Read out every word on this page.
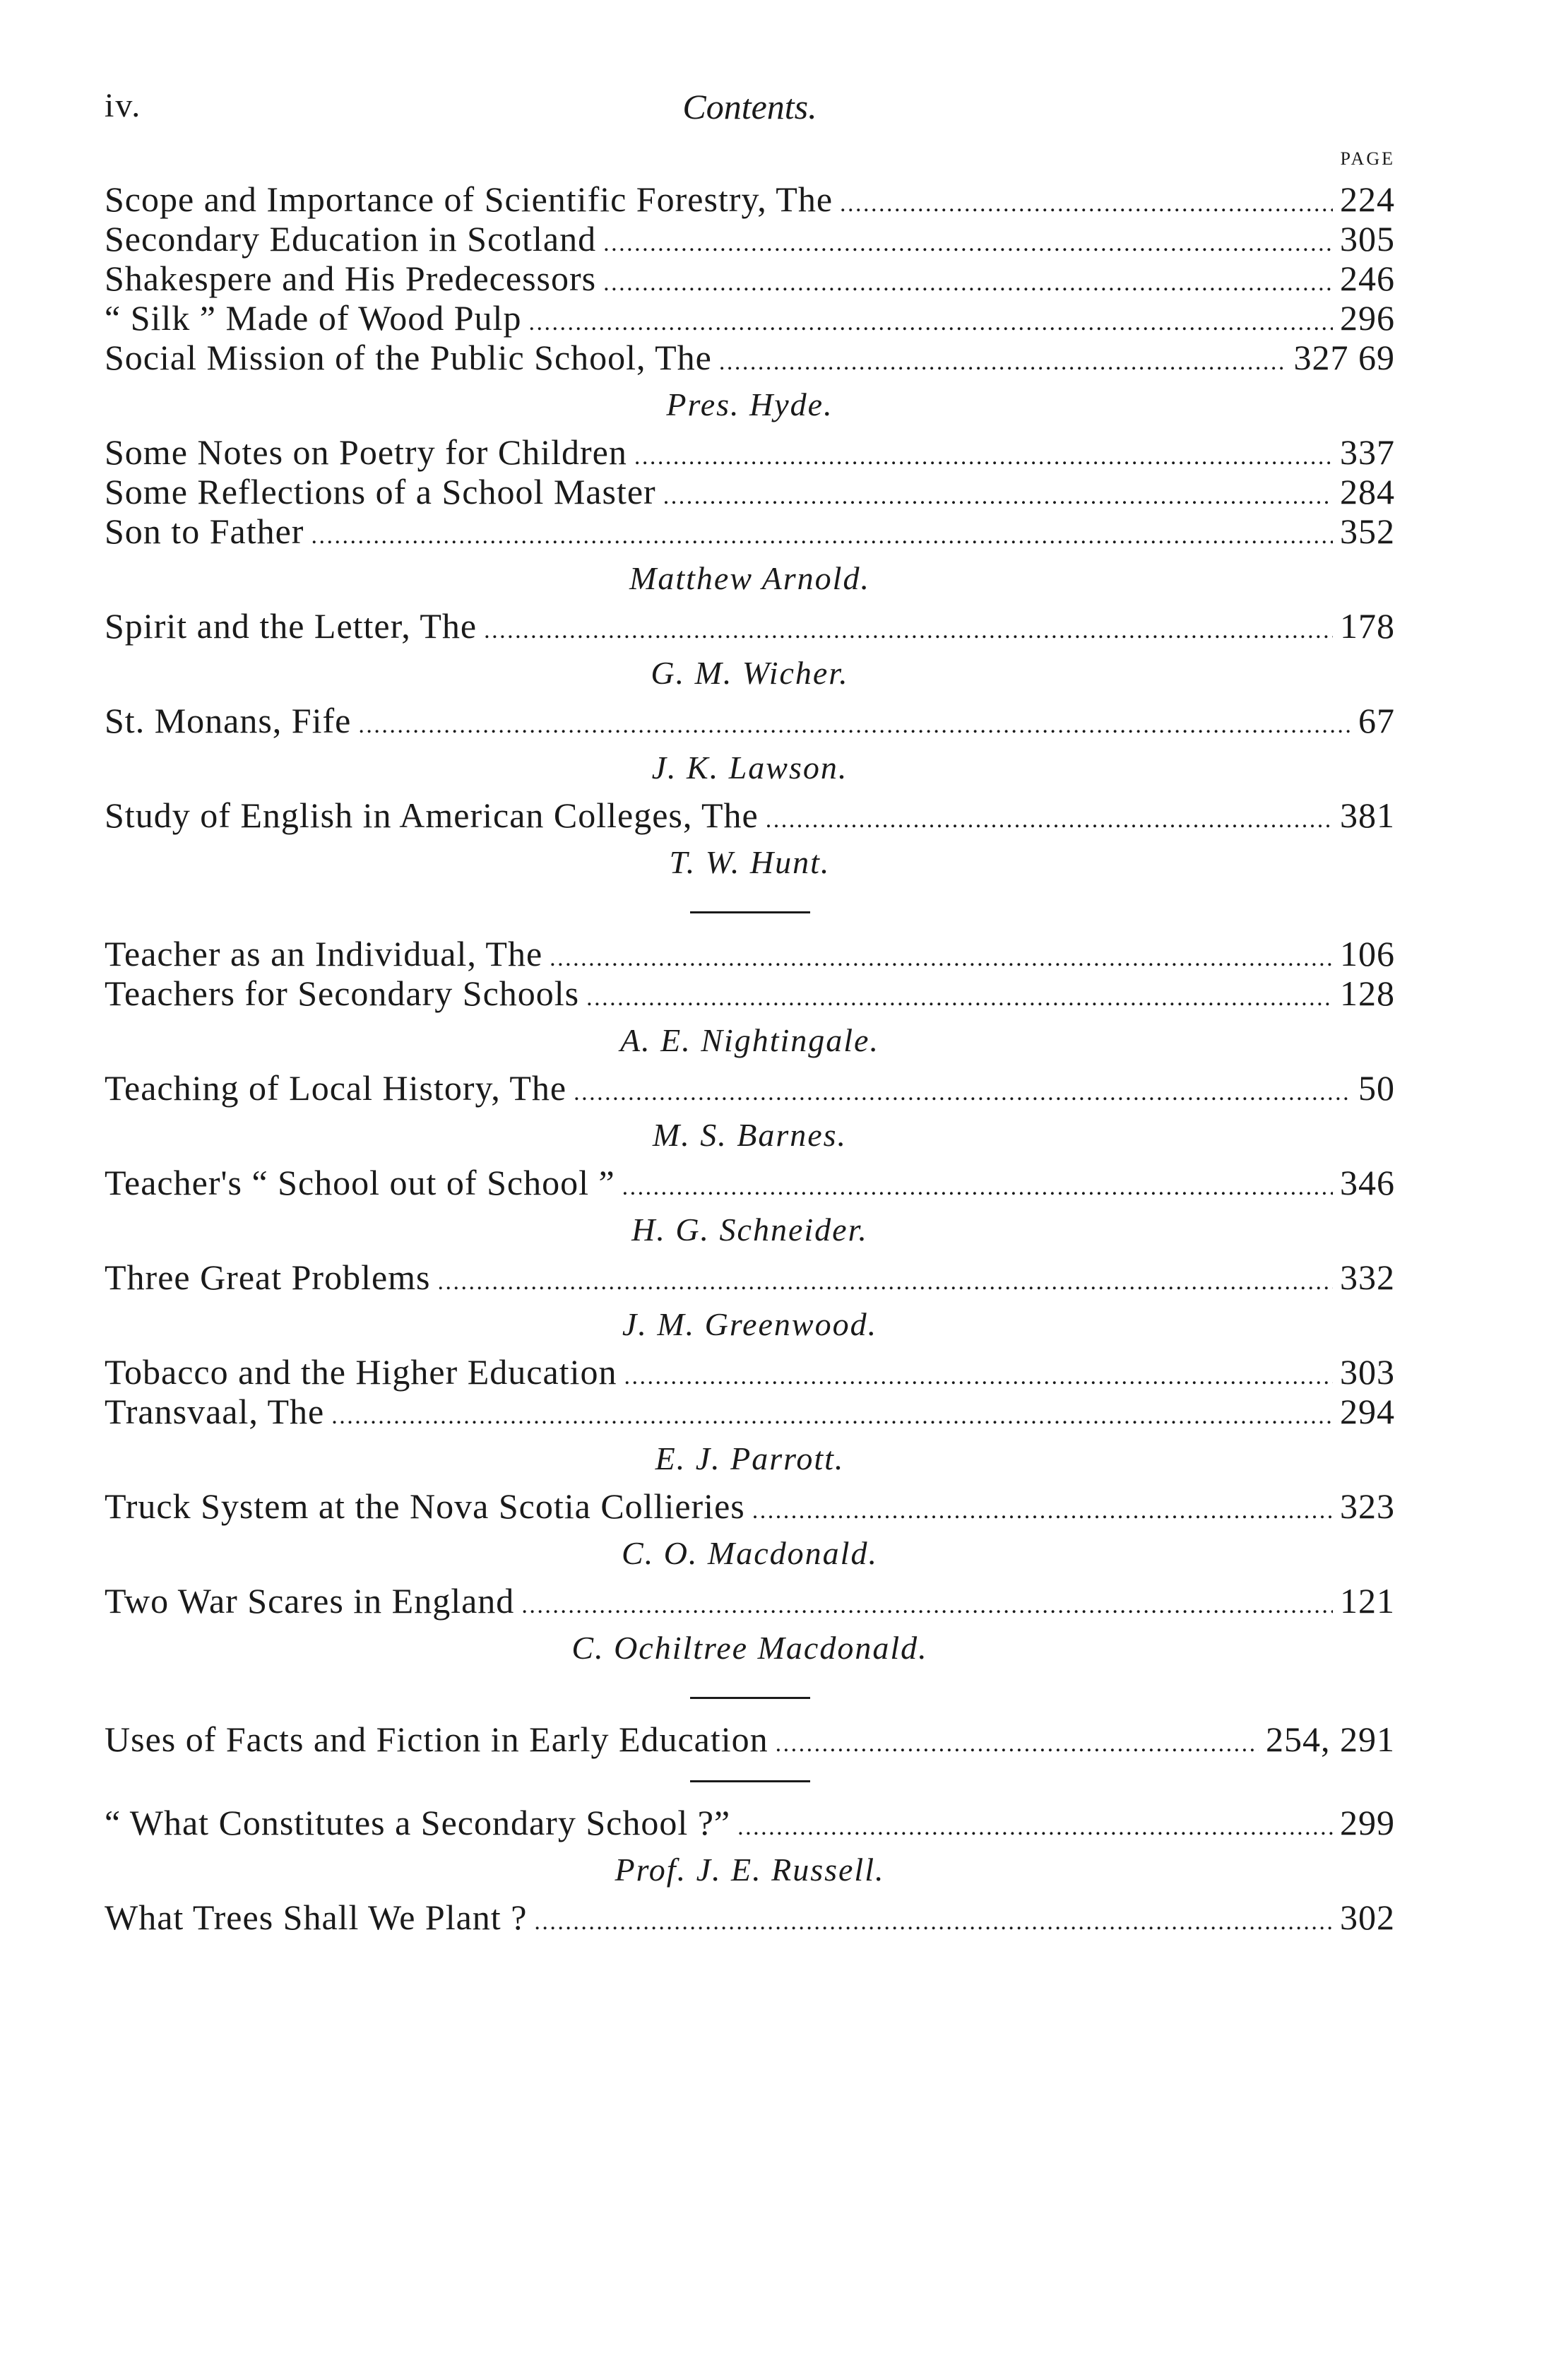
iv.	Contents.
PAGE
Scope and Importance of Scientific Forestry, The . . .	224
Secondary Education in Scotland . . .	305
Shakespere and His Predecessors . . .	246
“ Silk ” Made of Wood Pulp . . .	296
Social Mission of the Public School, The . . .	327 69
Pres. Hyde.
Some Notes on Poetry for Children . . .	337
Some Reflections of a School Master . . .	284
Son to Father . . .	352
Matthew Arnold.
Spirit and the Letter, The . . .	178
G. M. Wicher.
St. Monans, Fife . . .	67
J. K. Lawson.
Study of English in American Colleges, The . . .	381
T. W. Hunt.
Teacher as an Individual, The . . .	106
Teachers for Secondary Schools . . .	128
A. E. Nightingale.
Teaching of Local History, The . . .	50
M. S. Barnes.
Teacher's “ School out of School ” . . .	346
H. G. Schneider.
Three Great Problems . . .	332
J. M. Greenwood.
Tobacco and the Higher Education . . .	303
Transvaal, The . . .	294
E. J. Parrott.
Truck System at the Nova Scotia Collieries . . .	323
C. O. Macdonald.
Two War Scares in England . . .	121
C. Ochiltree Macdonald.
Uses of Facts and Fiction in Early Education . . .	254, 291
“ What Constitutes a Secondary School ?” . . .	299
Prof. J. E. Russell.
What Trees Shall We Plant ? . . .	302
